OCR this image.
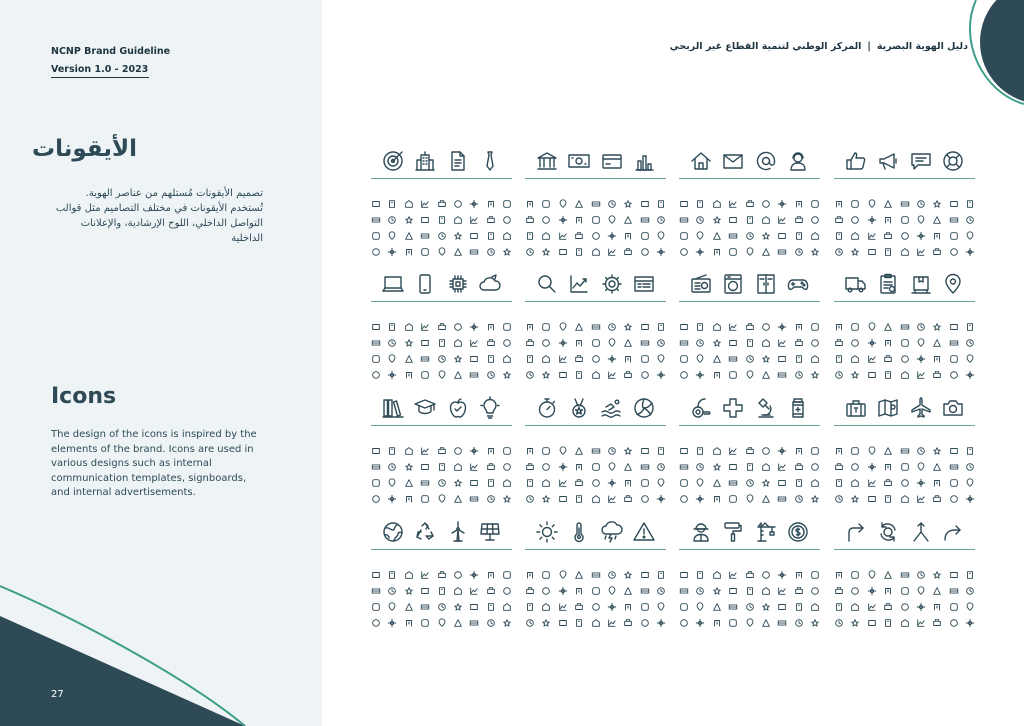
NCNP Brand Guideline
Version 1.0 - 2023
الأيقونات
تصميم الأيقونات مُستلهم من عناصر الهوية. تُستخدم الأيقونات في مختلف التصاميم مثل قوالب التواصل الداخلي، اللوح الإرشادية، والإعلانات الداخلية
Icons
The design of the icons is inspired by the elements of the brand. Icons are used in various designs such as internal communication templates, signboards, and internal advertisements.
27
دليل الهوية البصرية|المركز الوطني لتنمية القطاع غير الربحي
